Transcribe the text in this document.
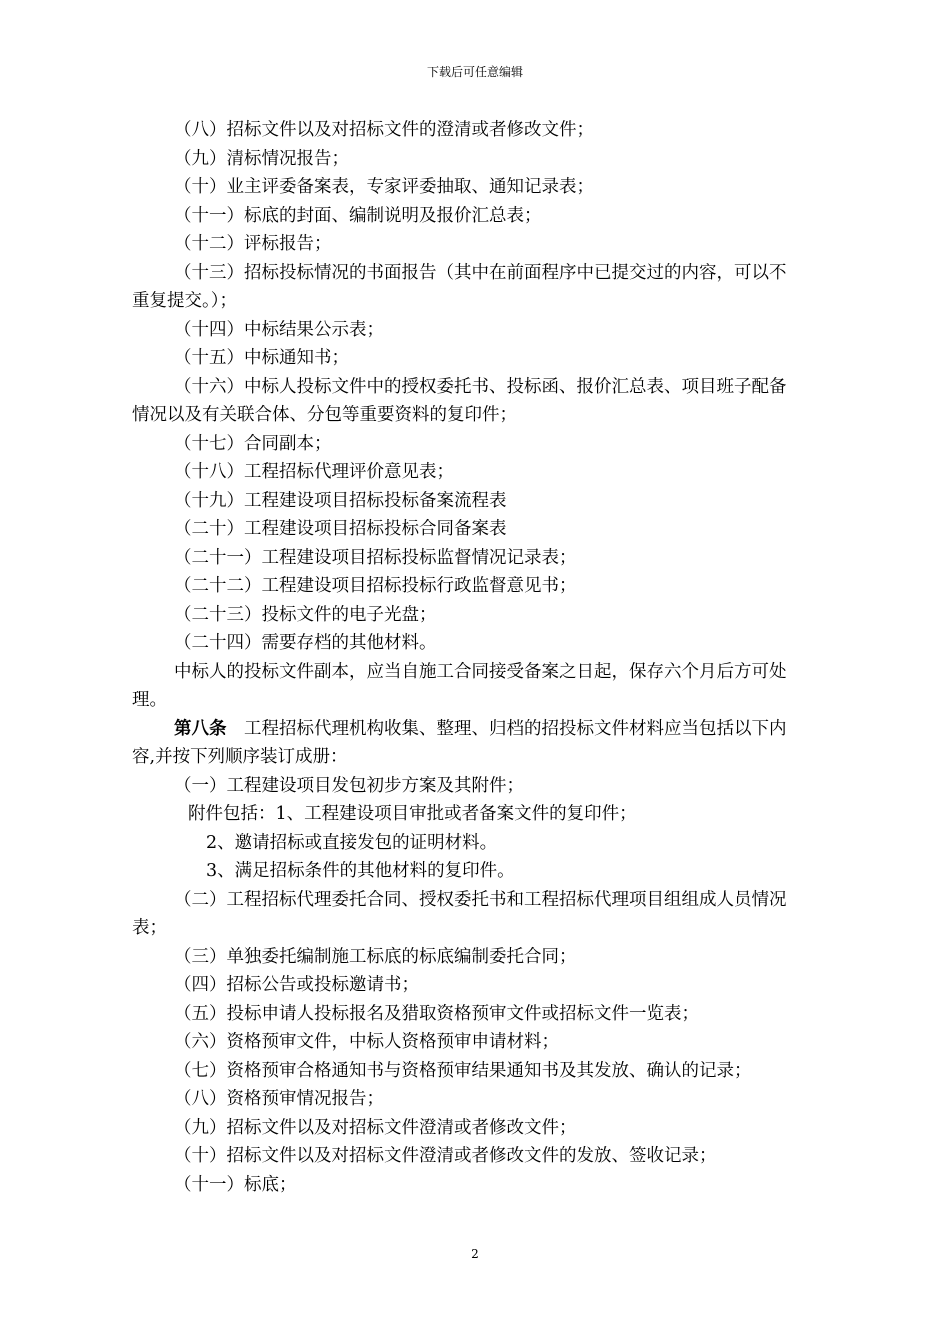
下载后可任意编辑
（八）招标文件以及对招标文件的澄清或者修改文件；
（九）清标情况报告；
（十）业主评委备案表，专家评委抽取、通知记录表；
（十一）标底的封面、编制说明及报价汇总表；
（十二）评标报告；
（十三）招标投标情况的书面报告（其中在前面程序中已提交过的内容，可以不
重复提交。）；
（十四）中标结果公示表；
（十五）中标通知书；
（十六）中标人投标文件中的授权委托书、投标函、报价汇总表、项目班子配备
情况以及有关联合体、分包等重要资料的复印件；
（十七）合同副本；
（十八）工程招标代理评价意见表；
（十九）工程建设项目招标投标备案流程表
（二十）工程建设项目招标投标合同备案表
（二十一）工程建设项目招标投标监督情况记录表；
（二十二）工程建设项目招标投标行政监督意见书；
（二十三）投标文件的电子光盘；
（二十四）需要存档的其他材料。
中标人的投标文件副本，应当自施工合同接受备案之日起，保存六个月后方可处
理。
第八条　 工程招标代理机构收集、整理、归档的招投标文件材料应当包括以下内
容,并按下列顺序装订成册：
（一）工程建设项目发包初步方案及其附件；
附件包括：1、工程建设项目审批或者备案文件的复印件；
2、邀请招标或直接发包的证明材料。
3、满足招标条件的其他材料的复印件。
（二）工程招标代理委托合同、授权委托书和工程招标代理项目组组成人员情况
表；
（三）单独委托编制施工标底的标底编制委托合同；
（四）招标公告或投标邀请书；
（五）投标申请人投标报名及猎取资格预审文件或招标文件一览表；
（六）资格预审文件，中标人资格预审申请材料；
（七）资格预审合格通知书与资格预审结果通知书及其发放、确认的记录；
（八）资格预审情况报告；
（九）招标文件以及对招标文件澄清或者修改文件；
（十）招标文件以及对招标文件澄清或者修改文件的发放、签收记录；
（十一）标底；
2
